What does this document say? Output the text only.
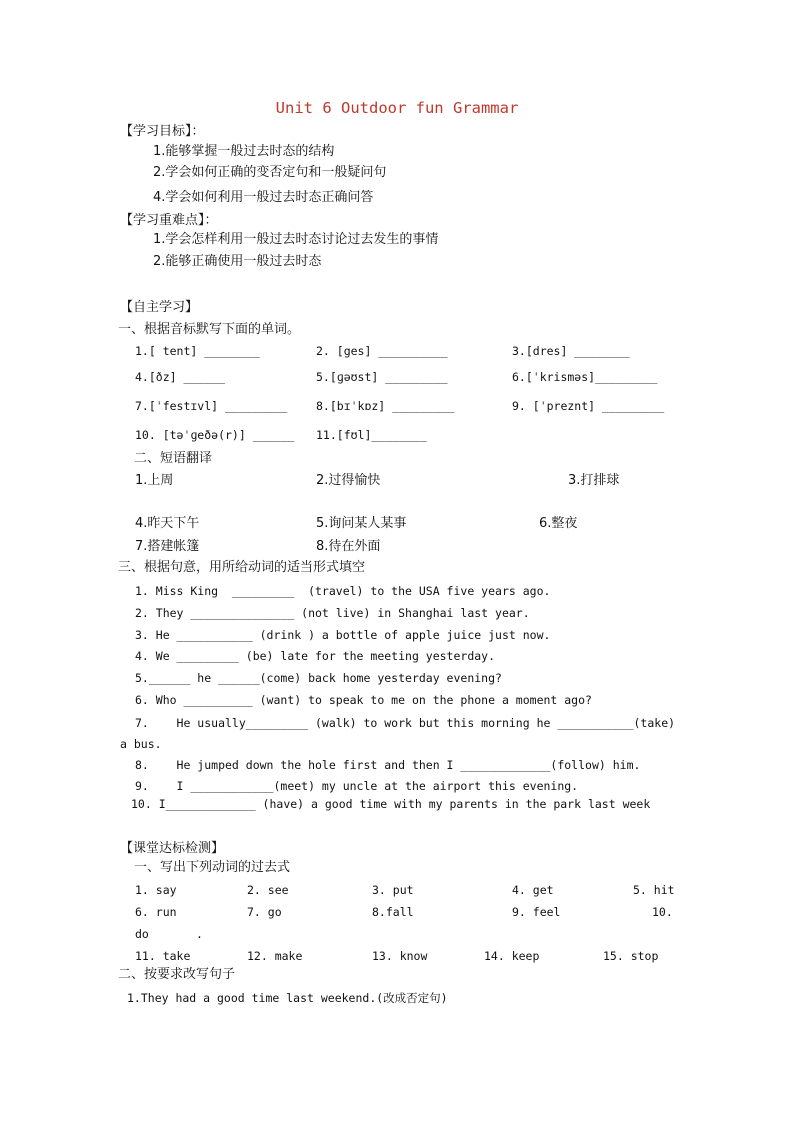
Unit 6 Outdoor fun Grammar
【学习目标】：
1.能够掌握一般过去时态的结构
2.学会如何正确的变否定句和一般疑问句
4.学会如何利用一般过去时态正确问答
【学习重难点】：
1.学会怎样利用一般过去时态讨论过去发生的事情
2.能够正确使用一般过去时态
【自主学习】
一、根据音标默写下面的单词。
1.[ tent] ________	2. [ges] __________	3.[dres] ________
4.[ðz] ______	5.[ɡəʊst] _________	6.[ˈkrisməs]_________
7.[ˈfestɪvl] _________ 8.[bɪˈkɒz] _________	9. [ˈpreznt] _________
10. [təˈɡeðə(r)] ______ 11.[fʊl]________
二、短语翻译
1.上周	2.过得愉快	3.打排球
4.昨天下午	5.询问某人某事	6.整夜
7.搭建帐篷	8.待在外面
三、根据句意，用所给动词的适当形式填空
1. Miss King  _________  (travel) to the USA five years ago.
2. They _______________ (not live) in Shanghai last year.
3. He ___________ (drink ) a bottle of apple juice just now.
4. We _________ (be) late for the meeting yesterday.
5.______ he ______(come) back home yesterday evening?
6. Who __________ (want) to speak to me on the phone a moment ago?
7.    He usually_________ (walk) to work but this morning he ___________(take)
a bus.
8.    He jumped down the hole first and then I _____________(follow) him.
9.    I ____________(meet) my uncle at the airport this evening.
10. I_____________ (have) a good time with my parents in the park last week
【课堂达标检测】
一、写出下列动词的过去式
1. say	2. see	3. put	4. get	5. hit
6. run	7. go	8.fall	9. feel	10.
do	.
11. take	12. make	13. know	14. keep	15. stop
二、按要求改写句子
1.They had a good time last weekend.(改成否定句)
